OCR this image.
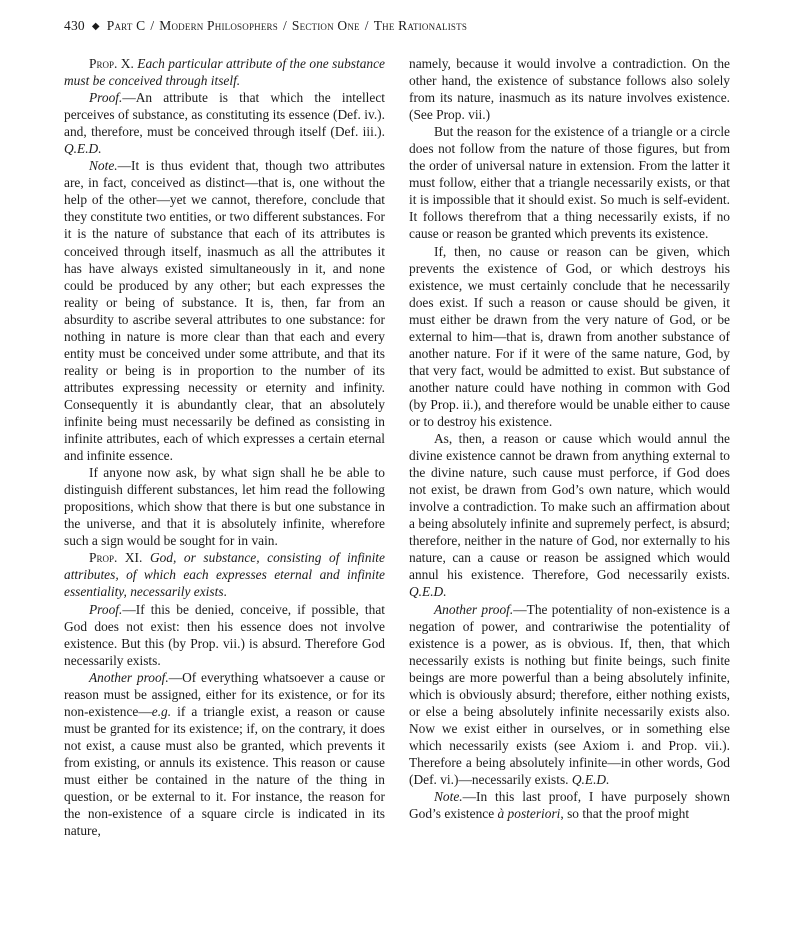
430 ◆ Part C / Modern Philosophers / Section One / The Rationalists

Prop. X. Each particular attribute of the one substance must be conceived through itself.

Proof.—An attribute is that which the intellect perceives of substance, as constituting its essence (Def. iv.). and, therefore, must be conceived through itself (Def. iii.). Q.E.D.

Note.—It is thus evident that, though two attributes are, in fact, conceived as distinct—that is, one without the help of the other—yet we cannot, therefore, conclude that they constitute two entities, or two different substances. For it is the nature of substance that each of its attributes is conceived through itself, inasmuch as all the attributes it has have always existed simultaneously in it, and none could be produced by any other; but each expresses the reality or being of substance. It is, then, far from an absurdity to ascribe several attributes to one substance: for nothing in nature is more clear than that each and every entity must be conceived under some attribute, and that its reality or being is in proportion to the number of its attributes expressing necessity or eternity and infinity. Consequently it is abundantly clear, that an absolutely infinite being must necessarily be defined as consisting in infinite attributes, each of which expresses a certain eternal and infinite essence.

If anyone now ask, by what sign shall he be able to distinguish different substances, let him read the following propositions, which show that there is but one substance in the universe, and that it is absolutely infinite, wherefore such a sign would be sought for in vain.

Prop. XI. God, or substance, consisting of infinite attributes, of which each expresses eternal and infinite essentiality, necessarily exists.

Proof.—If this be denied, conceive, if possible, that God does not exist: then his essence does not involve existence. But this (by Prop. vii.) is absurd. Therefore God necessarily exists.

Another proof.—Of everything whatsoever a cause or reason must be assigned, either for its existence, or for its non-existence—e.g. if a triangle exist, a reason or cause must be granted for its existence; if, on the contrary, it does not exist, a cause must also be granted, which prevents it from existing, or annuls its existence. This reason or cause must either be contained in the nature of the thing in question, or be external to it. For instance, the reason for the non-existence of a square circle is indicated in its nature,

namely, because it would involve a contradiction. On the other hand, the existence of substance follows also solely from its nature, inasmuch as its nature involves existence. (See Prop. vii.)

But the reason for the existence of a triangle or a circle does not follow from the nature of those figures, but from the order of universal nature in extension. From the latter it must follow, either that a triangle necessarily exists, or that it is impossible that it should exist. So much is self-evident. It follows therefrom that a thing necessarily exists, if no cause or reason be granted which prevents its existence.

If, then, no cause or reason can be given, which prevents the existence of God, or which destroys his existence, we must certainly conclude that he necessarily does exist. If such a reason or cause should be given, it must either be drawn from the very nature of God, or be external to him—that is, drawn from another substance of another nature. For if it were of the same nature, God, by that very fact, would be admitted to exist. But substance of another nature could have nothing in common with God (by Prop. ii.), and therefore would be unable either to cause or to destroy his existence.

As, then, a reason or cause which would annul the divine existence cannot be drawn from anything external to the divine nature, such cause must perforce, if God does not exist, be drawn from God’s own nature, which would involve a contradiction. To make such an affirmation about a being absolutely infinite and supremely perfect, is absurd; therefore, neither in the nature of God, nor externally to his nature, can a cause or reason be assigned which would annul his existence. Therefore, God necessarily exists. Q.E.D.

Another proof.—The potentiality of non-existence is a negation of power, and contrariwise the potentiality of existence is a power, as is obvious. If, then, that which necessarily exists is nothing but finite beings, such finite beings are more powerful than a being absolutely infinite, which is obviously absurd; therefore, either nothing exists, or else a being absolutely infinite necessarily exists also. Now we exist either in ourselves, or in something else which necessarily exists (see Axiom i. and Prop. vii.). Therefore a being absolutely infinite—in other words, God (Def. vi.)—necessarily exists. Q.E.D.

Note.—In this last proof, I have purposely shown God’s existence à posteriori, so that the proof might
